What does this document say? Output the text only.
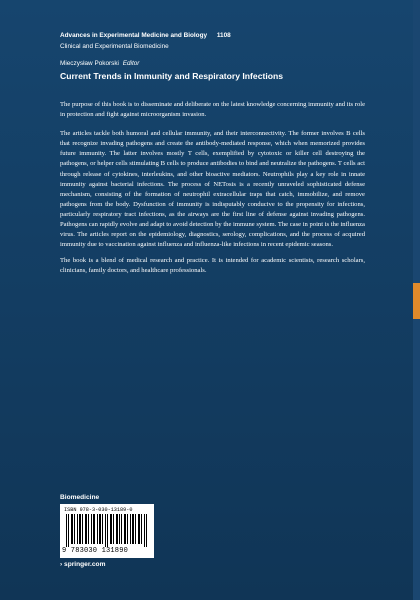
Advances in Experimental Medicine and Biology 1108
Clinical and Experimental Biomedicine
Mieczysław Pokorski Editor
Current Trends in Immunity and Respiratory Infections

The purpose of this book is to disseminate and deliberate on the latest knowledge concerning immunity and its role in protection and fight against microorganism invasion.

The articles tackle both humoral and cellular immunity, and their interconnectivity. The former involves B cells that recognize invading pathogens and create the antibody-mediated response, which when memorized provides future immunity. The latter involves mostly T cells, exemplified by cytotoxic or killer cell destroying the pathogens, or helper cells stimulating B cells to produce antibodies to bind and neutralize the pathogens. T cells act through release of cytokines, interleukins, and other bioactive mediators. Neutrophils play a key role in innate immunity against bacterial infections. The process of NETosis is a recently unraveled sophisticated defense mechanism, consisting of the formation of neutrophil extracellular traps that catch, immobilize, and remove pathogens from the body. Dysfunction of immunity is indisputably conducive to the propensity for infections, particularly respiratory tract infections, as the airways are the first line of defense against invading pathogens. Pathogens can rapidly evolve and adapt to avoid detection by the immune system. The case in point is the influenza virus. The articles report on the epidemiology, diagnostics, serology, complications, and the process of acquired immunity due to vaccination against influenza and influenza-like infections in recent epidemic seasons.

The book is a blend of medical research and practice. It is intended for academic scientists, research scholars, clinicians, family doctors, and healthcare professionals.

Biomedicine
ISBN 978-3-030-13189-0
9 783030 131890
› springer.com
